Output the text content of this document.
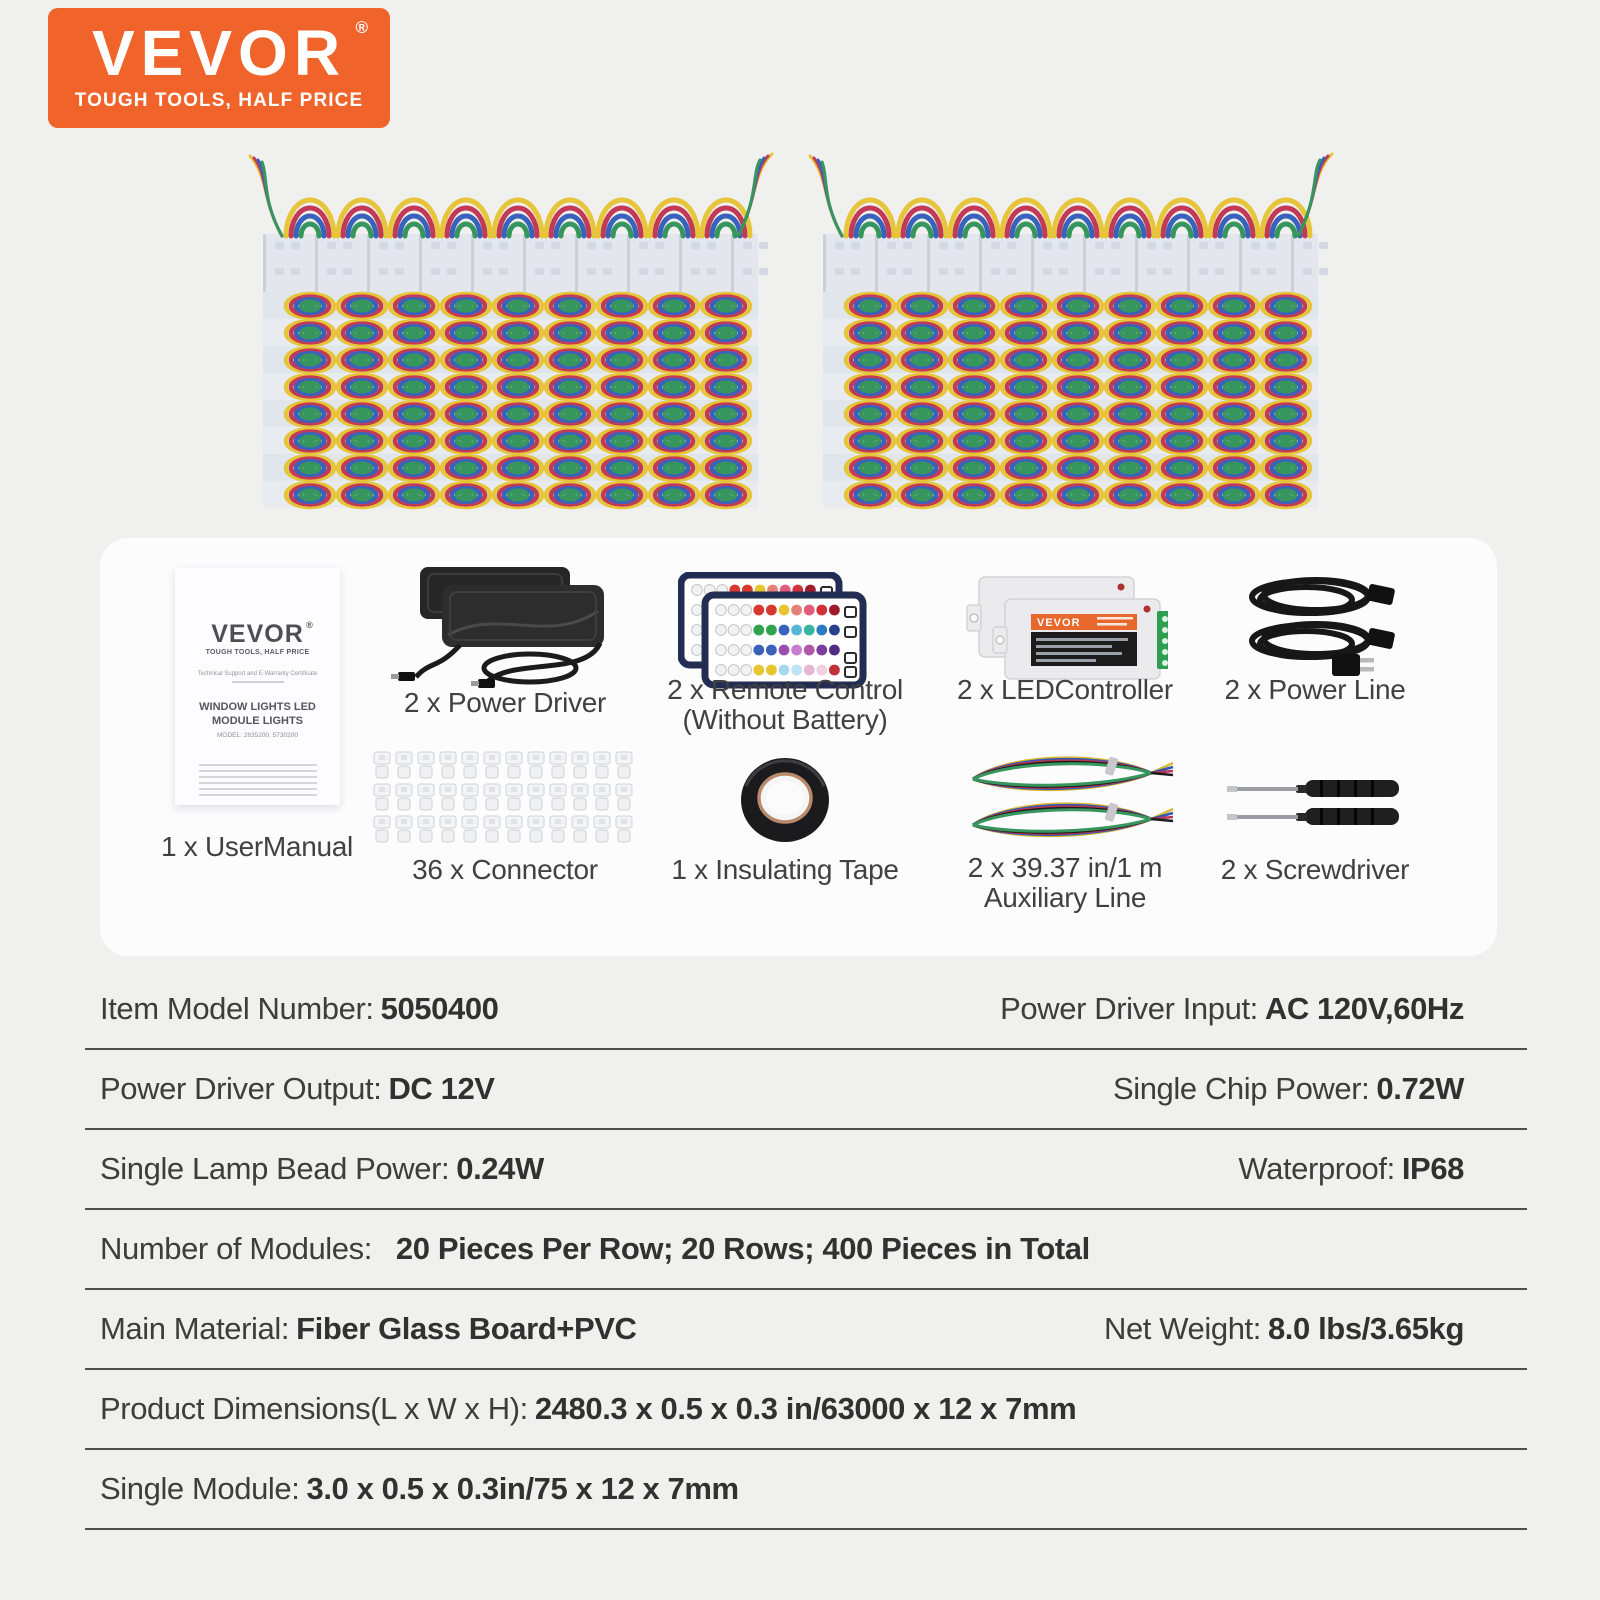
VEVOR ®
TOUGH TOOLS, HALF PRICE
VEVOR ®
TOUGH TOOLS, HALF PRICE
Technical Support and E-Warranty Certificate
WINDOW LIGHTS LED
MODULE LIGHTS
MODEL: 2835200, 5730200
1 x UserManual
2 x Power Driver	2 x Remote Control
(Without Battery)
VEVOR
2 x LEDController	2 x Power Line
36 x Connector	1 x Insulating Tape	2 x 39.37 in/1 m
Auxiliary Line
2 x Screwdriver
Item Model Number: 5050400	Power Driver Input: AC 120V,60Hz
Power Driver Output: DC 12V	Single Chip Power: 0.72W
Single Lamp Bead Power: 0.24W	Waterproof: IP68
Number of Modules: 20 Pieces Per Row; 20 Rows; 400 Pieces in Total
Main Material: Fiber Glass Board+PVC	Net Weight: 8.0 lbs/3.65kg
Product Dimensions(L x W x H): 2480.3 x 0.5 x 0.3 in/63000 x 12 x 7mm
Single Module: 3.0 x 0.5 x 0.3in/75 x 12 x 7mm
